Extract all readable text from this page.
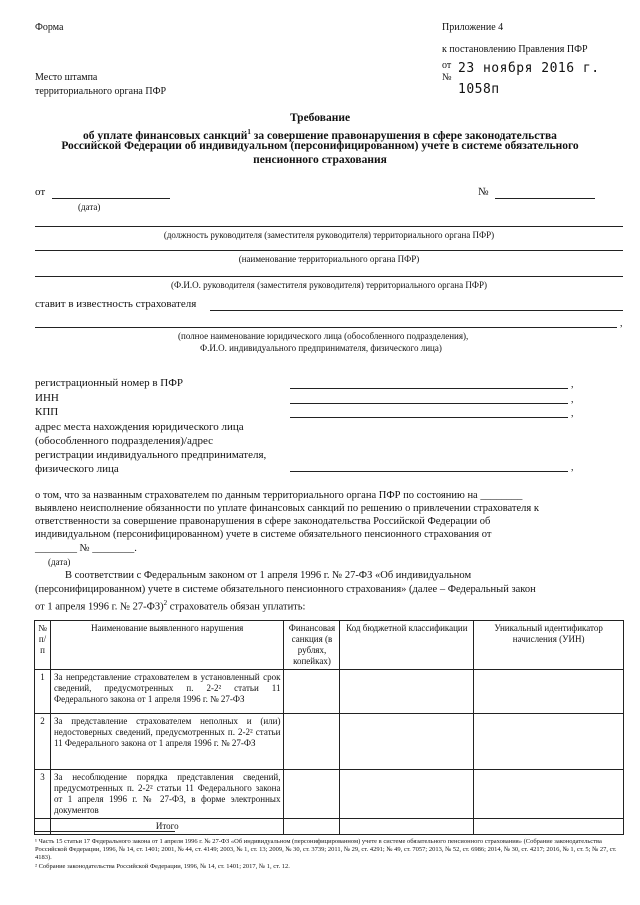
Форма	Приложение 4
к постановлению Правления ПФР
от 23 ноября 2016 г.
№
1058п
Место штампа
территориального органа ПФР
Требование
об уплате финансовых санкций$^1$ за совершение правонарушения в сфере законодательства
Российской Федерации об индивидуальном (персонифицированном) учете в системе обязательного
пенсионного страхования
от
(дата)
№
(должность руководителя (заместителя руководителя) территориального органа ПФР)
(наименование территориального органа ПФР)
(Ф.И.О. руководителя (заместителя руководителя) территориального органа ПФР)
ставит в известность страхователя
,
(полное наименование юридического лица (обособленного подразделения),
Ф.И.О. индивидуального предпринимателя, физического лица)
регистрационный номер в ПФР	,
ИНН	,
КПП	,
адрес места нахождения юридического лица
(обособленного подразделения)/адрес
регистрации индивидуального предпринимателя,
физического лица	,
о том, что за названным страхователем по данным территориального органа ПФР по состоянию на ________
выявлено неисполнение обязанности по уплате финансовых санкций по решению о привлечении страхователя к
ответственности за совершение правонарушения в сфере законодательства Российской Федерации об
индивидуальном (персонифицированном) учете в системе обязательного пенсионного страхования от
________ № ________.
(дата)
В соответствии с Федеральным законом от 1 апреля 1996 г. № 27-ФЗ «Об индивидуальном
(персонифицированном) учете в системе обязательного пенсионного страхования» (далее – Федеральный закон
от 1 апреля 1996 г. № 27-ФЗ)$^2$ страхователь обязан уплатить:
№ п/п	Наименование выявленного нарушения	Финансовая санкция (в рублях, копейках)	Код бюджетной классификации	Уникальный идентификатор начисления (УИН)
1	За непредставление страхователем в установленный срок сведений, предусмотренных п. 2-2² статьи 11 Федерального закона от 1 апреля 1996 г. № 27-ФЗ			
2	За представление страхователем неполных и (или) недостоверных сведений, предусмотренных п. 2-2² статьи 11 Федерального закона от 1 апреля 1996 г. № 27-ФЗ			
3	За несоблюдение порядка представления сведений, предусмотренных п. 2-2² статьи 11 Федерального закона от 1 апреля 1996 г. № 27-ФЗ, в форме электронных документов			
	Итого			
¹ Часть 15 статьи 17 Федерального закона от 1 апреля 1996 г. № 27-ФЗ «Об индивидуальном (персонифицированном) учете в системе обязательного пенсионного страхования» (Собрание законодательства Российской Федерации, 1996, № 14, ст. 1401; 2001, № 44, ст. 4149; 2003, № 1, ст. 13; 2009, № 30, ст. 3739; 2011, № 29, ст. 4291; № 49, ст. 7057; 2013, № 52, ст. 6986; 2014, № 30, ст. 4217; 2016, № 1, ст. 5; № 27, ст. 4183).
² Собрание законодательства Российской Федерации, 1996, № 14, ст. 1401; 2017, № 1, ст. 12.
